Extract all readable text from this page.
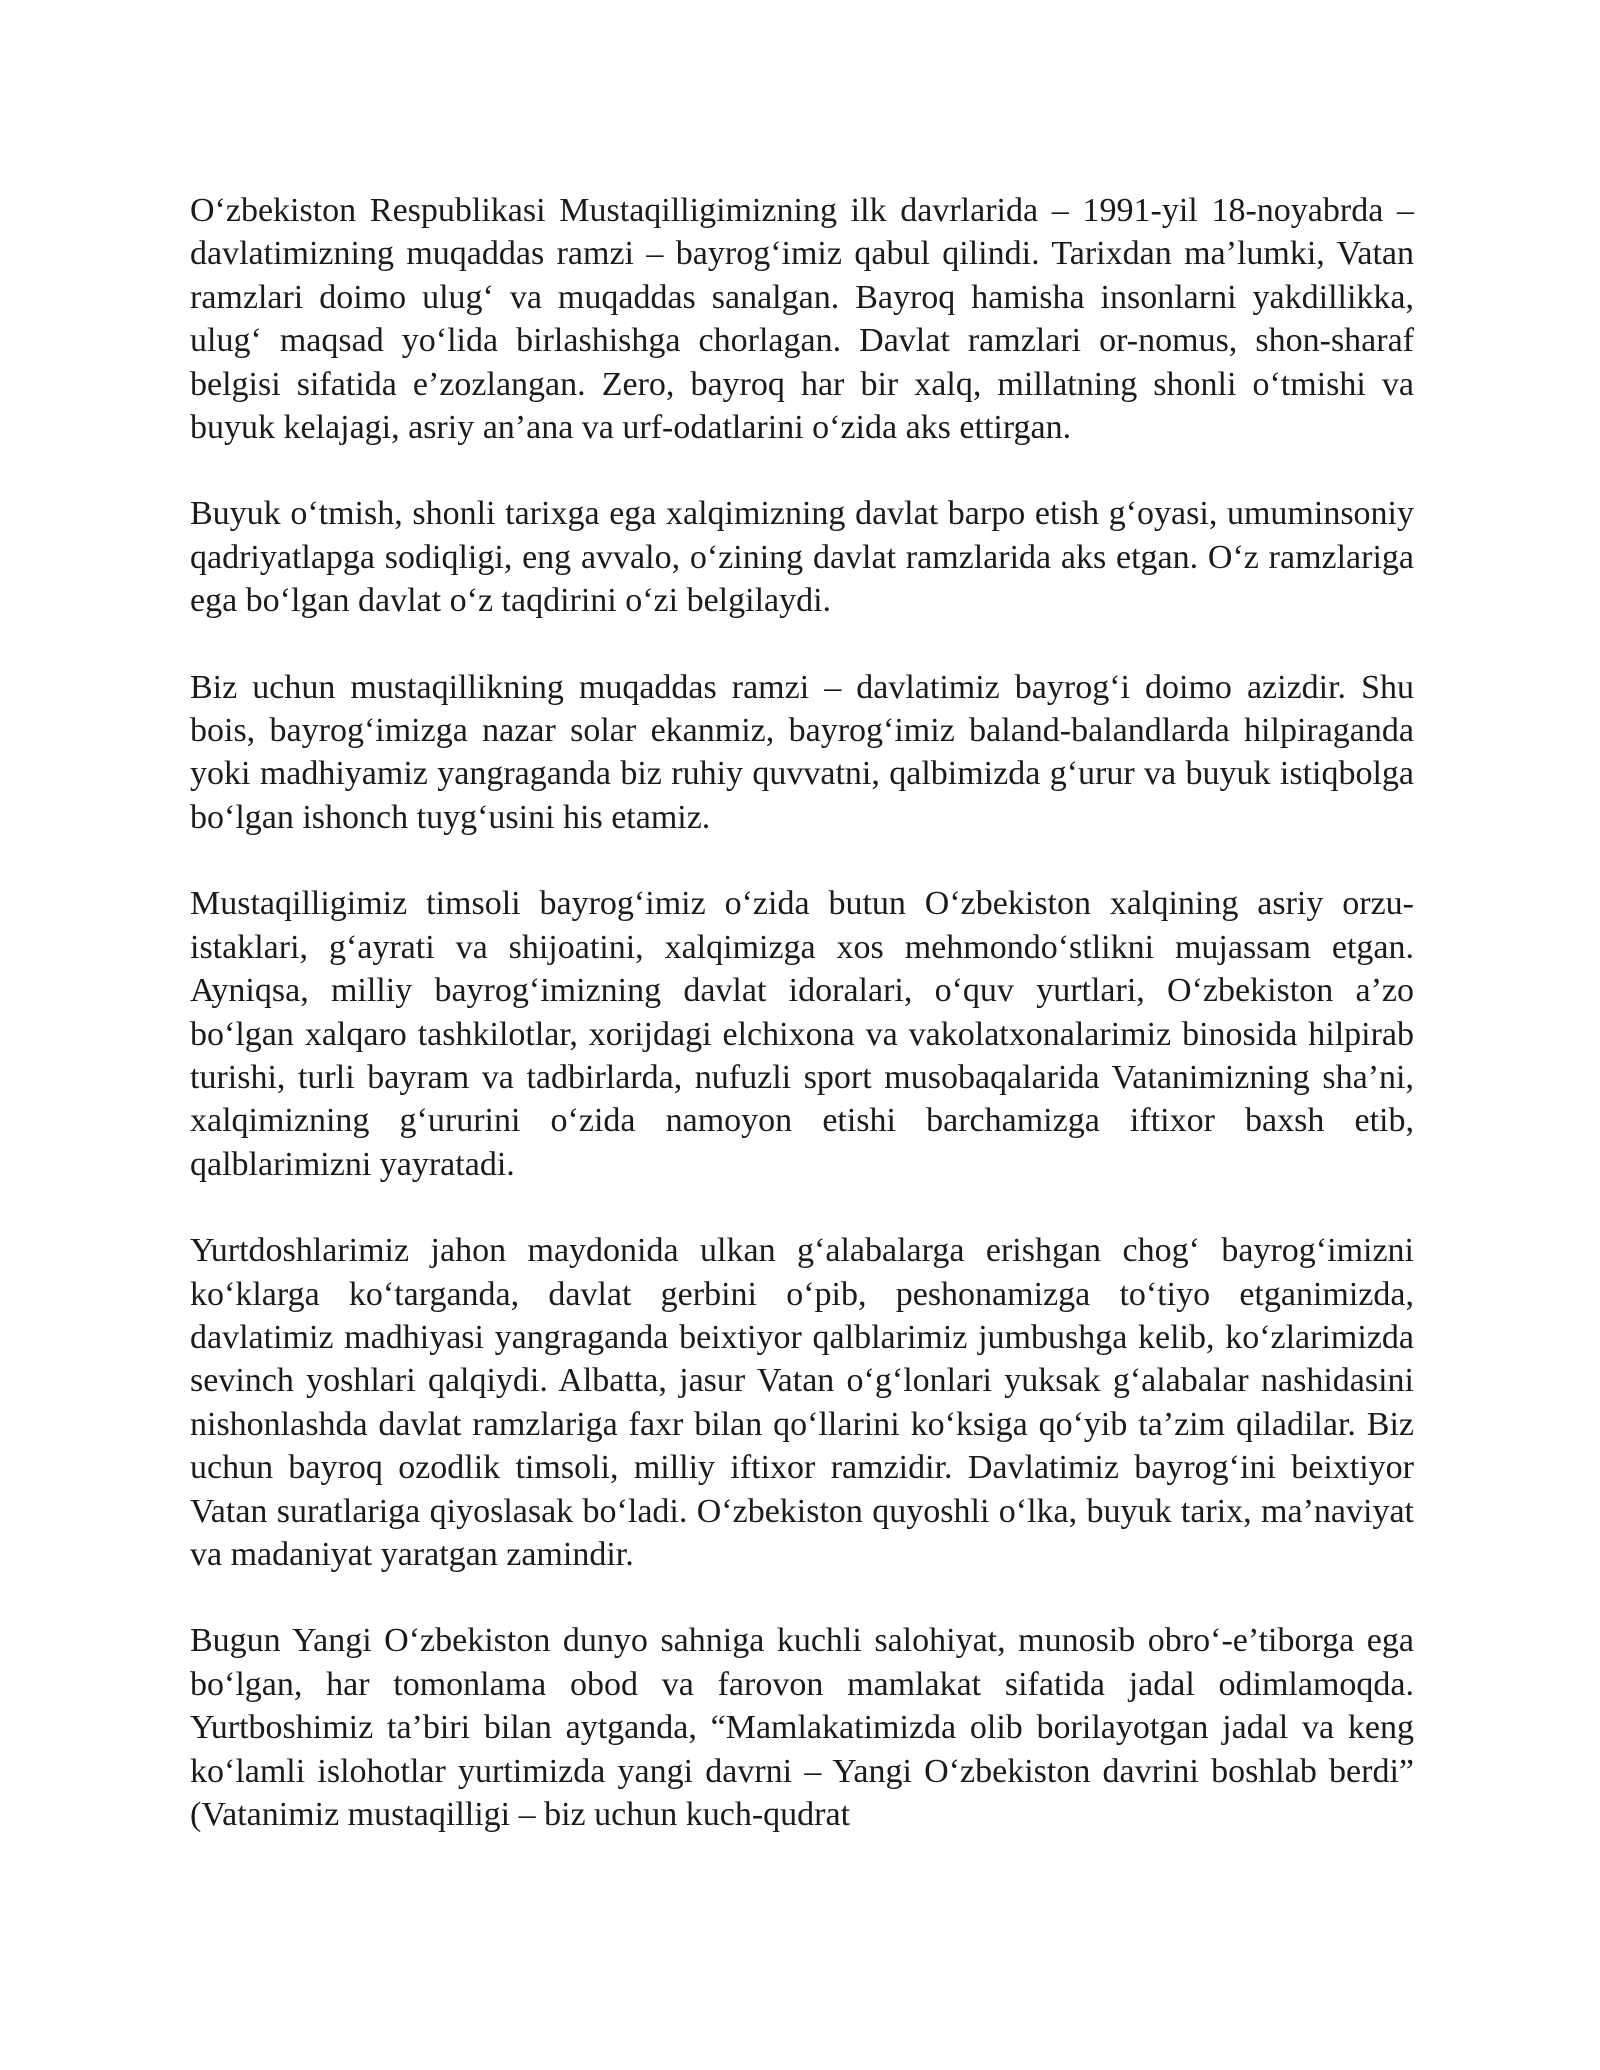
O‘zbekiston Respublikasi Mustaqilligimizning ilk davrlarida – 1991-yil 18-noyabrda – davlatimizning muqaddas ramzi – bayrog‘imiz qabul qilindi. Tarixdan ma’lumki, Vatan ramzlari doimo ulug‘ va muqaddas sanalgan. Bayroq hamisha insonlarni yakdillikka, ulug‘ maqsad yo‘lida birlashishga chorlagan. Davlat ramzlari or-nomus, shon-sharaf belgisi sifatida e’zozlangan. Zero, bayroq har bir xalq, millatning shonli o‘tmishi va buyuk kelajagi, asriy an’ana va urf-odatlarini o‘zida aks ettirgan.

Buyuk o‘tmish, shonli tarixga ega xalqimizning davlat barpo etish g‘oyasi, umuminsoniy qadriyatlapga sodiqligi, eng avvalo, o‘zining davlat ramzlarida aks etgan. O‘z ramzlariga ega bo‘lgan davlat o‘z taqdirini o‘zi belgilaydi.

Biz uchun mustaqillikning muqaddas ramzi – davlatimiz bayrog‘i doimo azizdir. Shu bois, bayrog‘imizga nazar solar ekanmiz, bayrog‘imiz baland-balandlarda hilpiraganda yoki madhiyamiz yangraganda biz ruhiy quvvatni, qalbimizda g‘urur va buyuk istiqbolga bo‘lgan ishonch tuyg‘usini his etamiz.

Mustaqilligimiz timsoli bayrog‘imiz o‘zida butun O‘zbekiston xalqining asriy orzu-istaklari, g‘ayrati va shijoatini, xalqimizga xos mehmondo‘stlikni mujassam etgan. Ayniqsa, milliy bayrog‘imizning davlat idoralari, o‘quv yurtlari, O‘zbekiston a’zo bo‘lgan xalqaro tashkilotlar, xorijdagi elchixona va vakolatxonalarimiz binosida hilpirab turishi, turli bayram va tadbirlarda, nufuzli sport musobaqalarida Vatanimizning sha’ni, xalqimizning g‘ururini o‘zida namoyon etishi barchamizga iftixor baxsh etib, qalblarimizni yayratadi.

Yurtdoshlarimiz jahon maydonida ulkan g‘alabalarga erishgan chog‘ bayrog‘imizni ko‘klarga ko‘targanda, davlat gerbini o‘pib, peshonamizga to‘tiyo etganimizda, davlatimiz madhiyasi yangraganda beixtiyor qalblarimiz jumbushga kelib, ko‘zlarimizda sevinch yoshlari qalqiydi. Albatta, jasur Vatan o‘g‘lonlari yuksak g‘alabalar nashidasini nishonlashda davlat ramzlariga faxr bilan qo‘llarini ko‘ksiga qo‘yib ta’zim qiladilar. Biz uchun bayroq ozodlik timsoli, milliy iftixor ramzidir. Davlatimiz bayrog‘ini beixtiyor Vatan suratlariga qiyoslasak bo‘ladi. O‘zbekiston quyoshli o‘lka, buyuk tarix, ma’naviyat va madaniyat yaratgan zamindir.

Bugun Yangi O‘zbekiston dunyo sahniga kuchli salohiyat, munosib obro‘-e’tiborga ega bo‘lgan, har tomonlama obod va farovon mamlakat sifatida jadal odimlamoqda. Yurtboshimiz ta’biri bilan aytganda, “Mamlakatimizda olib borilayotgan jadal va keng ko‘lamli islohotlar yurtimizda yangi davrni – Yangi O‘zbekiston davrini boshlab berdi” (Vatanimiz mustaqilligi – biz uchun kuch-qudrat
